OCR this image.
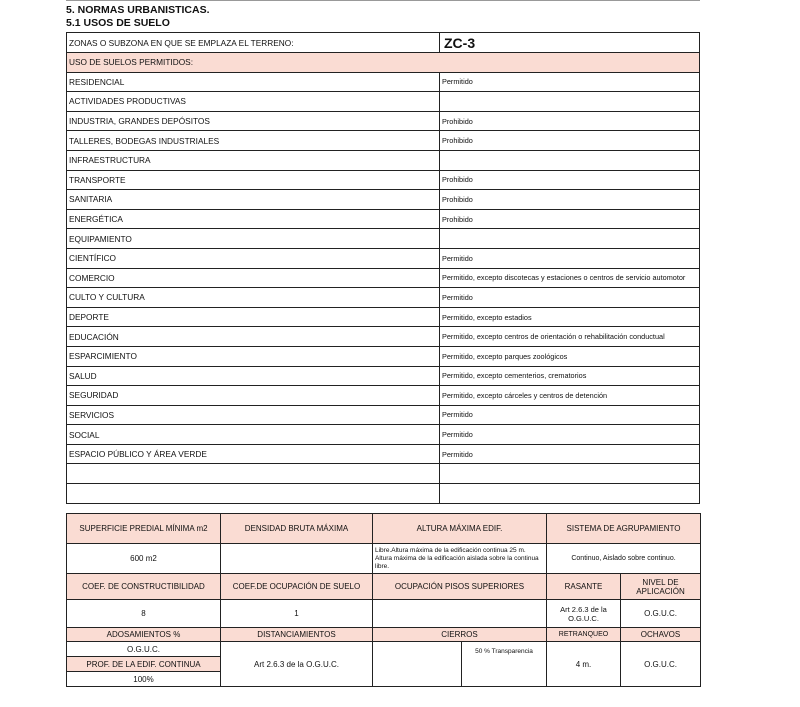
5. NORMAS URBANISTICAS.
5.1 USOS DE SUELO
ZONAS O SUBZONA EN QUE SE EMPLAZA EL TERRENO:	ZC-3
USO DE SUELOS PERMITIDOS:	
RESIDENCIAL	Permitido
ACTIVIDADES PRODUCTIVAS	
INDUSTRIA, GRANDES DEPÓSITOS	Prohibido
TALLERES, BODEGAS INDUSTRIALES	Prohibido
INFRAESTRUCTURA	
TRANSPORTE	Prohibido
SANITARIA	Prohibido
ENERGÉTICA	Prohibido
EQUIPAMIENTO	
CIENTÍFICO	Permitido
COMERCIO	Permitido, excepto discotecas y estaciones o centros de servicio automotor
CULTO Y CULTURA	Permitido
DEPORTE	Permitido, excepto estadios
EDUCACIÓN	Permitido, excepto centros de orientación o rehabilitación conductual
ESPARCIMIENTO	Permitido, excepto parques zoológicos
SALUD	Permitido, excepto cementerios, crematorios
SEGURIDAD	Permitido, excepto cárceles y centros de detención
SERVICIOS	Permitido
SOCIAL	Permitido
ESPACIO PÚBLICO Y ÁREA VERDE	Permitido

SUPERFICIE PREDIAL MÍNIMA m2	DENSIDAD BRUTA MÁXIMA	ALTURA MÁXIMA EDIF.	SISTEMA DE AGRUPAMIENTO	
600 m2		Libre.Altura máxima de la edificación continua 25 m. Altura máxima de la edificación aislada sobre la continua libre.	Continuo, Aislado sobre continuo.	
COEF. DE CONSTRUCTIBILIDAD	COEF.DE OCUPACIÓN DE SUELO	OCUPACIÓN PISOS SUPERIORES	RASANTE	NIVEL DE APLICACIÓN
8	1		Art 2.6.3 de la O.G.U.C.	O.G.U.C.
ADOSAMIENTOS %	DISTANCIAMIENTOS	CIERROS	RETRANQUEO	OCHAVOS
O.G.U.C.	Art 2.6.3 de la O.G.U.C.	50 % Transparencia	4 m.	O.G.U.C.
PROF. DE LA EDIF. CONTINUA				
100%				
